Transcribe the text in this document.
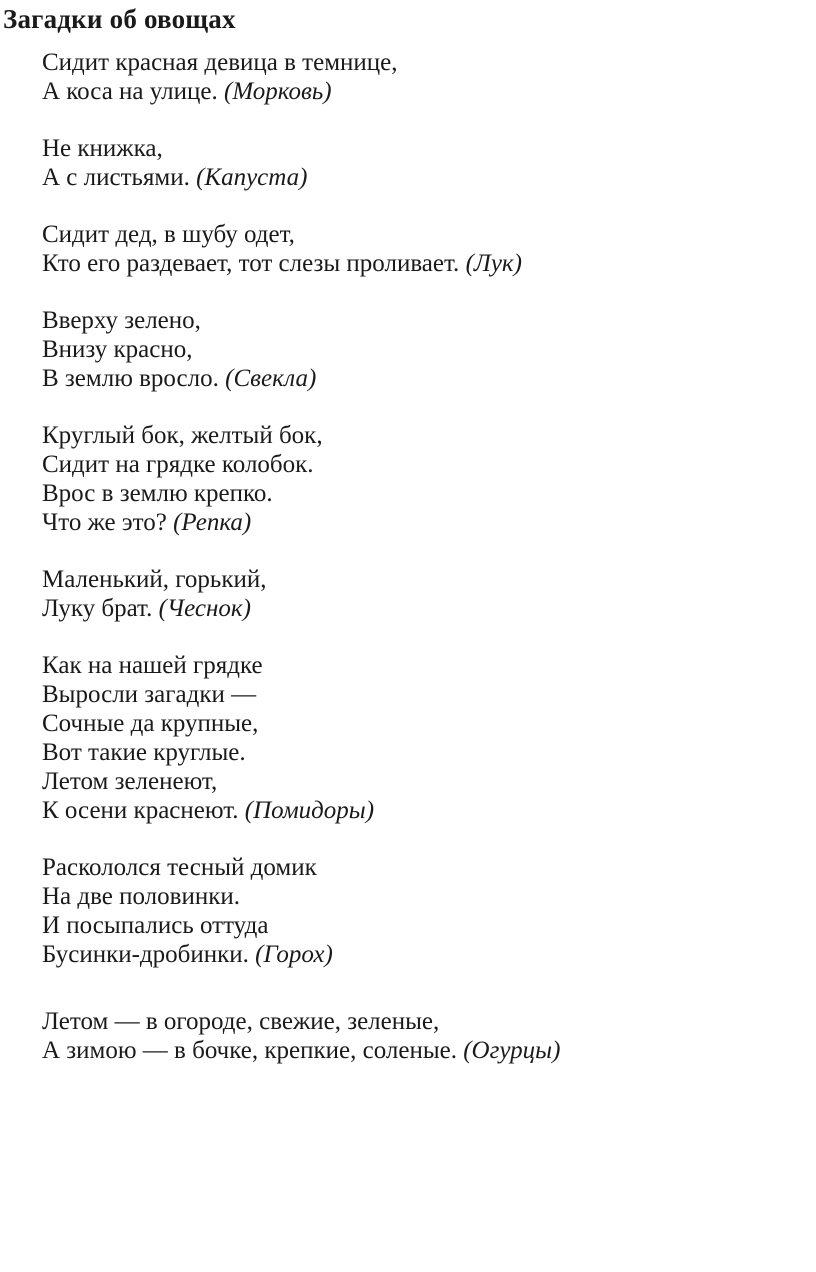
Загадки об овощах

Сидит красная девица в темнице,
А коса на улице. (Морковь)

Не книжка,
А с листьями. (Капуста)

Сидит дед, в шубу одет,
Кто его раздевает, тот слезы проливает. (Лук)

Вверху зелено,
Внизу красно,
В землю вросло. (Свекла)

Круглый бок, желтый бок,
Сидит на грядке колобок.
Врос в землю крепко.
Что же это? (Репка)

Маленький, горький,
Луку брат. (Чеснок)

Как на нашей грядке
Выросли загадки —
Сочные да крупные,
Вот такие круглые.
Летом зеленеют,
К осени краснеют. (Помидоры)

Раскололся тесный домик
На две половинки.
И посыпались оттуда
Бусинки-дробинки. (Горох)

Летом — в огороде, свежие, зеленые,
А зимою — в бочке, крепкие, соленые. (Огурцы)
